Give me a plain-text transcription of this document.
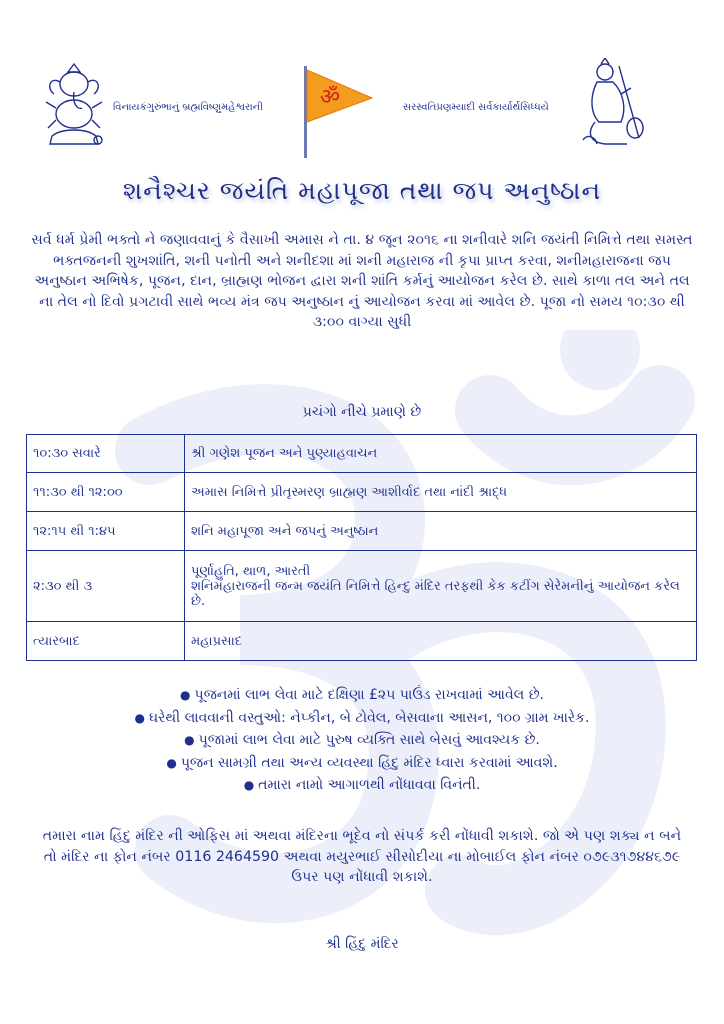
વિનાયકંગુરુંભાનું બ્રહ્મવિષ્ણુમહેશ્વરાની	ॐ	સરસ્વતિપ્રણમ્યાદી સર્વકાર્યાર્થસિધ્ધયે
શનૈશ્ચર જયંતિ મહાપૂજા તથા જપ અનુષ્ઠાન
સર્વ ધર્મ પ્રેમી ભક્તો ને જણાવવાનું કે વૈસાખી અમાસ ને તા. ૪ જૂન ૨૦૧૬ ના શનીવારે શનિ જયંતી નિમિત્તે તથા સમસ્ત ભક્તજનની શુખશાંતિ, શની પનોતી અને શનીદશા માં શની મહારાજ ની કૃપા પ્રાપ્ત કરવા, શનીમહારાજના જપ અનુષ્ઠાન અભિષેક, પૂજન, દાન, બ્રાહ્મણ ભોજન દ્વારા શની શાંતિ કર્મનું આયોજન કરેલ છે. સાથે કાળા તલ અને તલ ના તેલ નો દિવો પ્રગટાવી સાથે ભવ્ય મંત્ર જપ અનુષ્ઠાન નું આયોજન કરવા માં આવેલ છે. પૂજા નો સમય ૧૦:૩૦ થી ૩:૦૦ વાગ્યા સુધી
પ્રચંગો નીચે પ્રમાણે છે
૧૦:૩૦ સવારે	શ્રી ગણેશ પૂજન અને પુણ્યાહવાચન
૧૧:૩૦ થી ૧૨:૦૦	અમાસ નિમિત્તે પ્રીતૃસ્મરણ બ્રાહ્મણ આશીર્વાદ તથા નાંદી શ્રાદ્ધ
૧૨:૧૫ થી ૧:૪૫	શનિ મહાપૂજા અને જપનું અનુષ્ઠાન
૨:૩૦ થી ૩	પૂર્ણાહુતિ, થાળ, આરતી
શનિમહારાજની જન્મ જયંતિ નિમિત્તે હિન્દુ મંદિર તરફથી કેક કટીંગ સેરેમનીનું આયોજન કરેલ છે.

ત્યારબાદ	મહાપ્રસાદ
● પૂજનમાં લાભ લેવા માટે દક્ષિણા £૨૫ પાઉંડ રાખવામાં આવેલ છે.
● ઘરેથી લાવવાની વસ્તુઓ: નેપ્કીન, બે ટોવેલ, બેસવાના આસન, ૧૦૦ ગ્રામ ખારેક.
● પૂજામાં લાભ લેવા માટે પુરુષ વ્યક્તિ સાથે બેસવું આવશ્યક છે.
● પૂજન સામગ્રી તથા અન્ય વ્યવસ્થા હિંદુ મંદિર ધ્વારા કરવામાં આવશે.
● તમારા નામો આગાળથી નોંધાવવા વિનંતી.
તમારા નામ હિંદુ મંદિર ની ઓફિસ માં અથવા મંદિરના ભૂદેવ નો સંપર્ક કરી નોંધાવી શકાશે. જો એ પણ શક્ય ન બને તો મંદિર ના ફોન નંબર 0116 2464590 અથવા મયુરભાઈ સીસોદીયા ના મોબાઈલ ફોન નંબર ૦૭૯૩૧૭૪૪૬૭૯ ઉપર પણ નોંધાવી શકાશે.
શ્રી હિંદુ મંદિર
